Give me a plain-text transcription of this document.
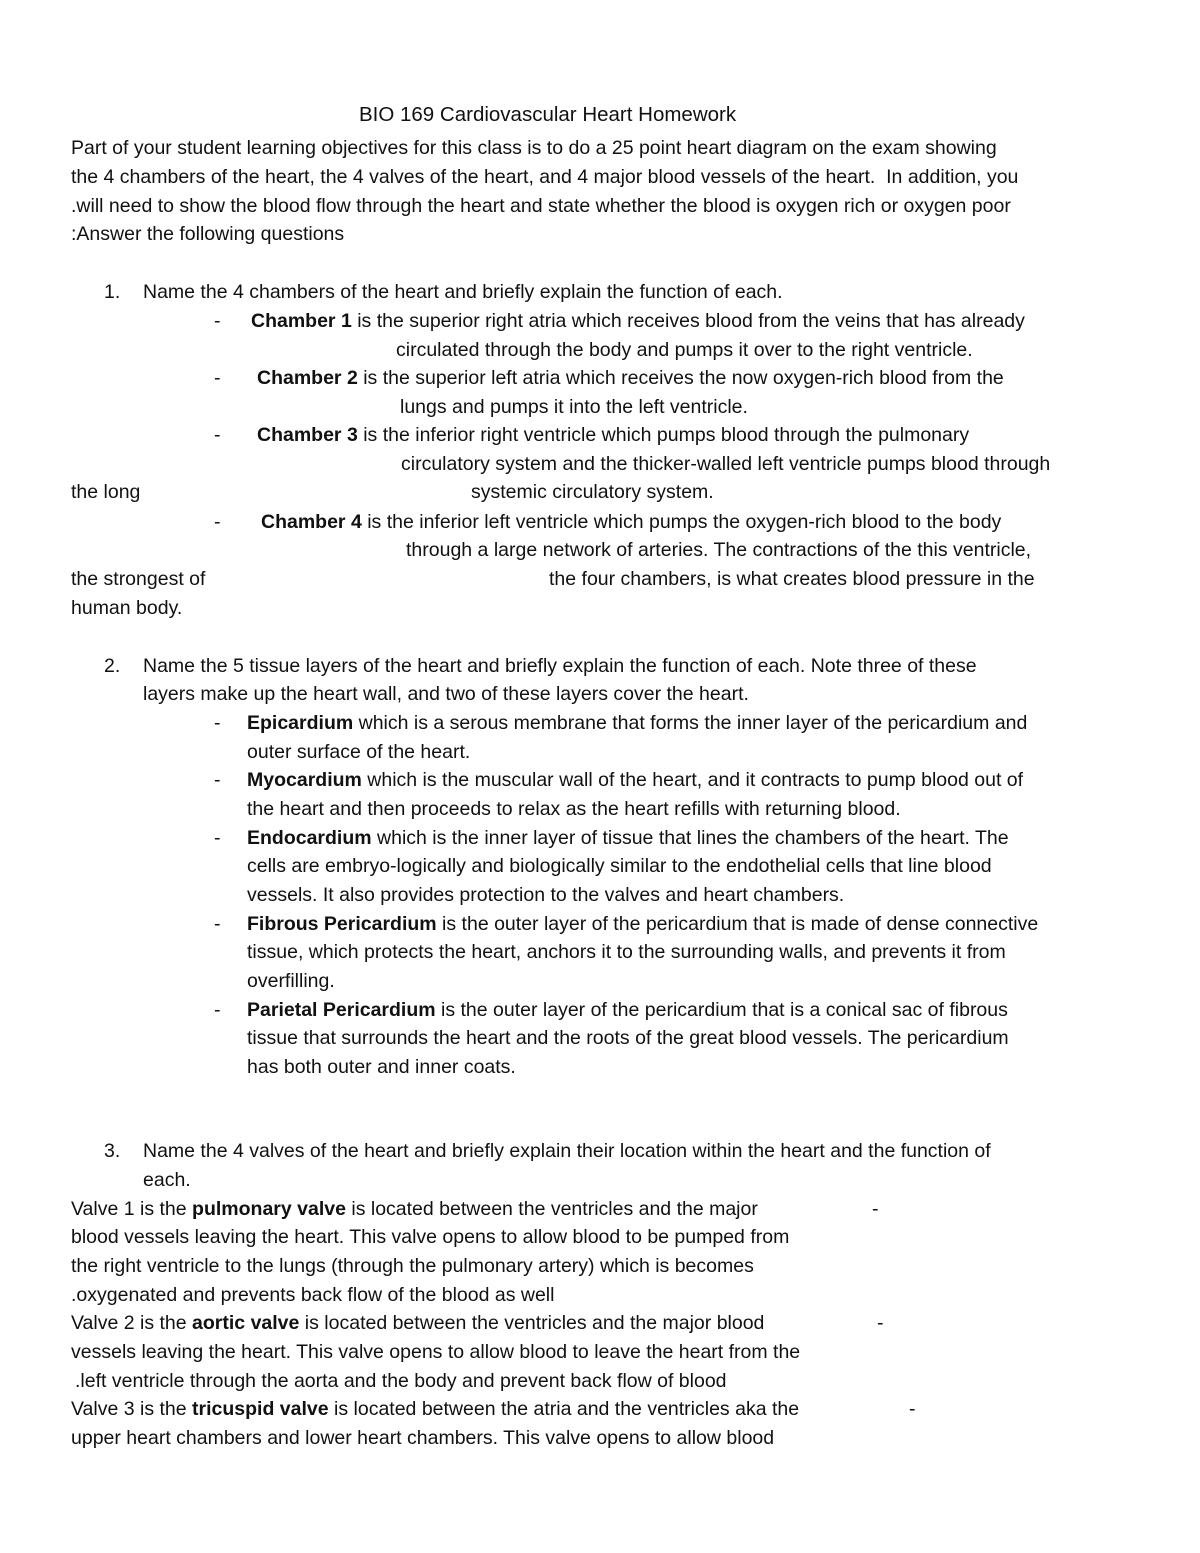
BIO 169 Cardiovascular Heart Homework
Part of your student learning objectives for this class is to do a 25 point heart diagram on the exam showing
the 4 chambers of the heart, the 4 valves of the heart, and 4 major blood vessels of the heart.  In addition, you
.will need to show the blood flow through the heart and state whether the blood is oxygen rich or oxygen poor
:Answer the following questions
1. Name the 4 chambers of the heart and briefly explain the function of each.
- Chamber 1 is the superior right atria which receives blood from the veins that has already
circulated through the body and pumps it over to the right ventricle.
- Chamber 2 is the superior left atria which receives the now oxygen-rich blood from the
lungs and pumps it into the left ventricle.
- Chamber 3 is the inferior right ventricle which pumps blood through the pulmonary
circulatory system and the thicker-walled left ventricle pumps blood through
the long	systemic circulatory system.
- Chamber 4 is the inferior left ventricle which pumps the oxygen-rich blood to the body
through a large network of arteries. The contractions of the this ventricle,
the strongest of	the four chambers, is what creates blood pressure in the
human body.
2. Name the 5 tissue layers of the heart and briefly explain the function of each. Note three of these
layers make up the heart wall, and two of these layers cover the heart.
- Epicardium which is a serous membrane that forms the inner layer of the pericardium and
outer surface of the heart.
- Myocardium which is the muscular wall of the heart, and it contracts to pump blood out of
the heart and then proceeds to relax as the heart refills with returning blood.
- Endocardium which is the inner layer of tissue that lines the chambers of the heart. The
cells are embryo-logically and biologically similar to the endothelial cells that line blood
vessels. It also provides protection to the valves and heart chambers.
- Fibrous Pericardium is the outer layer of the pericardium that is made of dense connective
tissue, which protects the heart, anchors it to the surrounding walls, and prevents it from
overfilling.
- Parietal Pericardium is the outer layer of the pericardium that is a conical sac of fibrous
tissue that surrounds the heart and the roots of the great blood vessels. The pericardium
has both outer and inner coats.
3. Name the 4 valves of the heart and briefly explain their location within the heart and the function of
each.
Valve 1 is the pulmonary valve is located between the ventricles and the major	-
blood vessels leaving the heart. This valve opens to allow blood to be pumped from
the right ventricle to the lungs (through the pulmonary artery) which is becomes
.oxygenated and prevents back flow of the blood as well
Valve 2 is the aortic valve is located between the ventricles and the major blood	-
vessels leaving the heart. This valve opens to allow blood to leave the heart from the
.left ventricle through the aorta and the body and prevent back flow of blood
Valve 3 is the tricuspid valve is located between the atria and the ventricles aka the	-
upper heart chambers and lower heart chambers. This valve opens to allow blood
